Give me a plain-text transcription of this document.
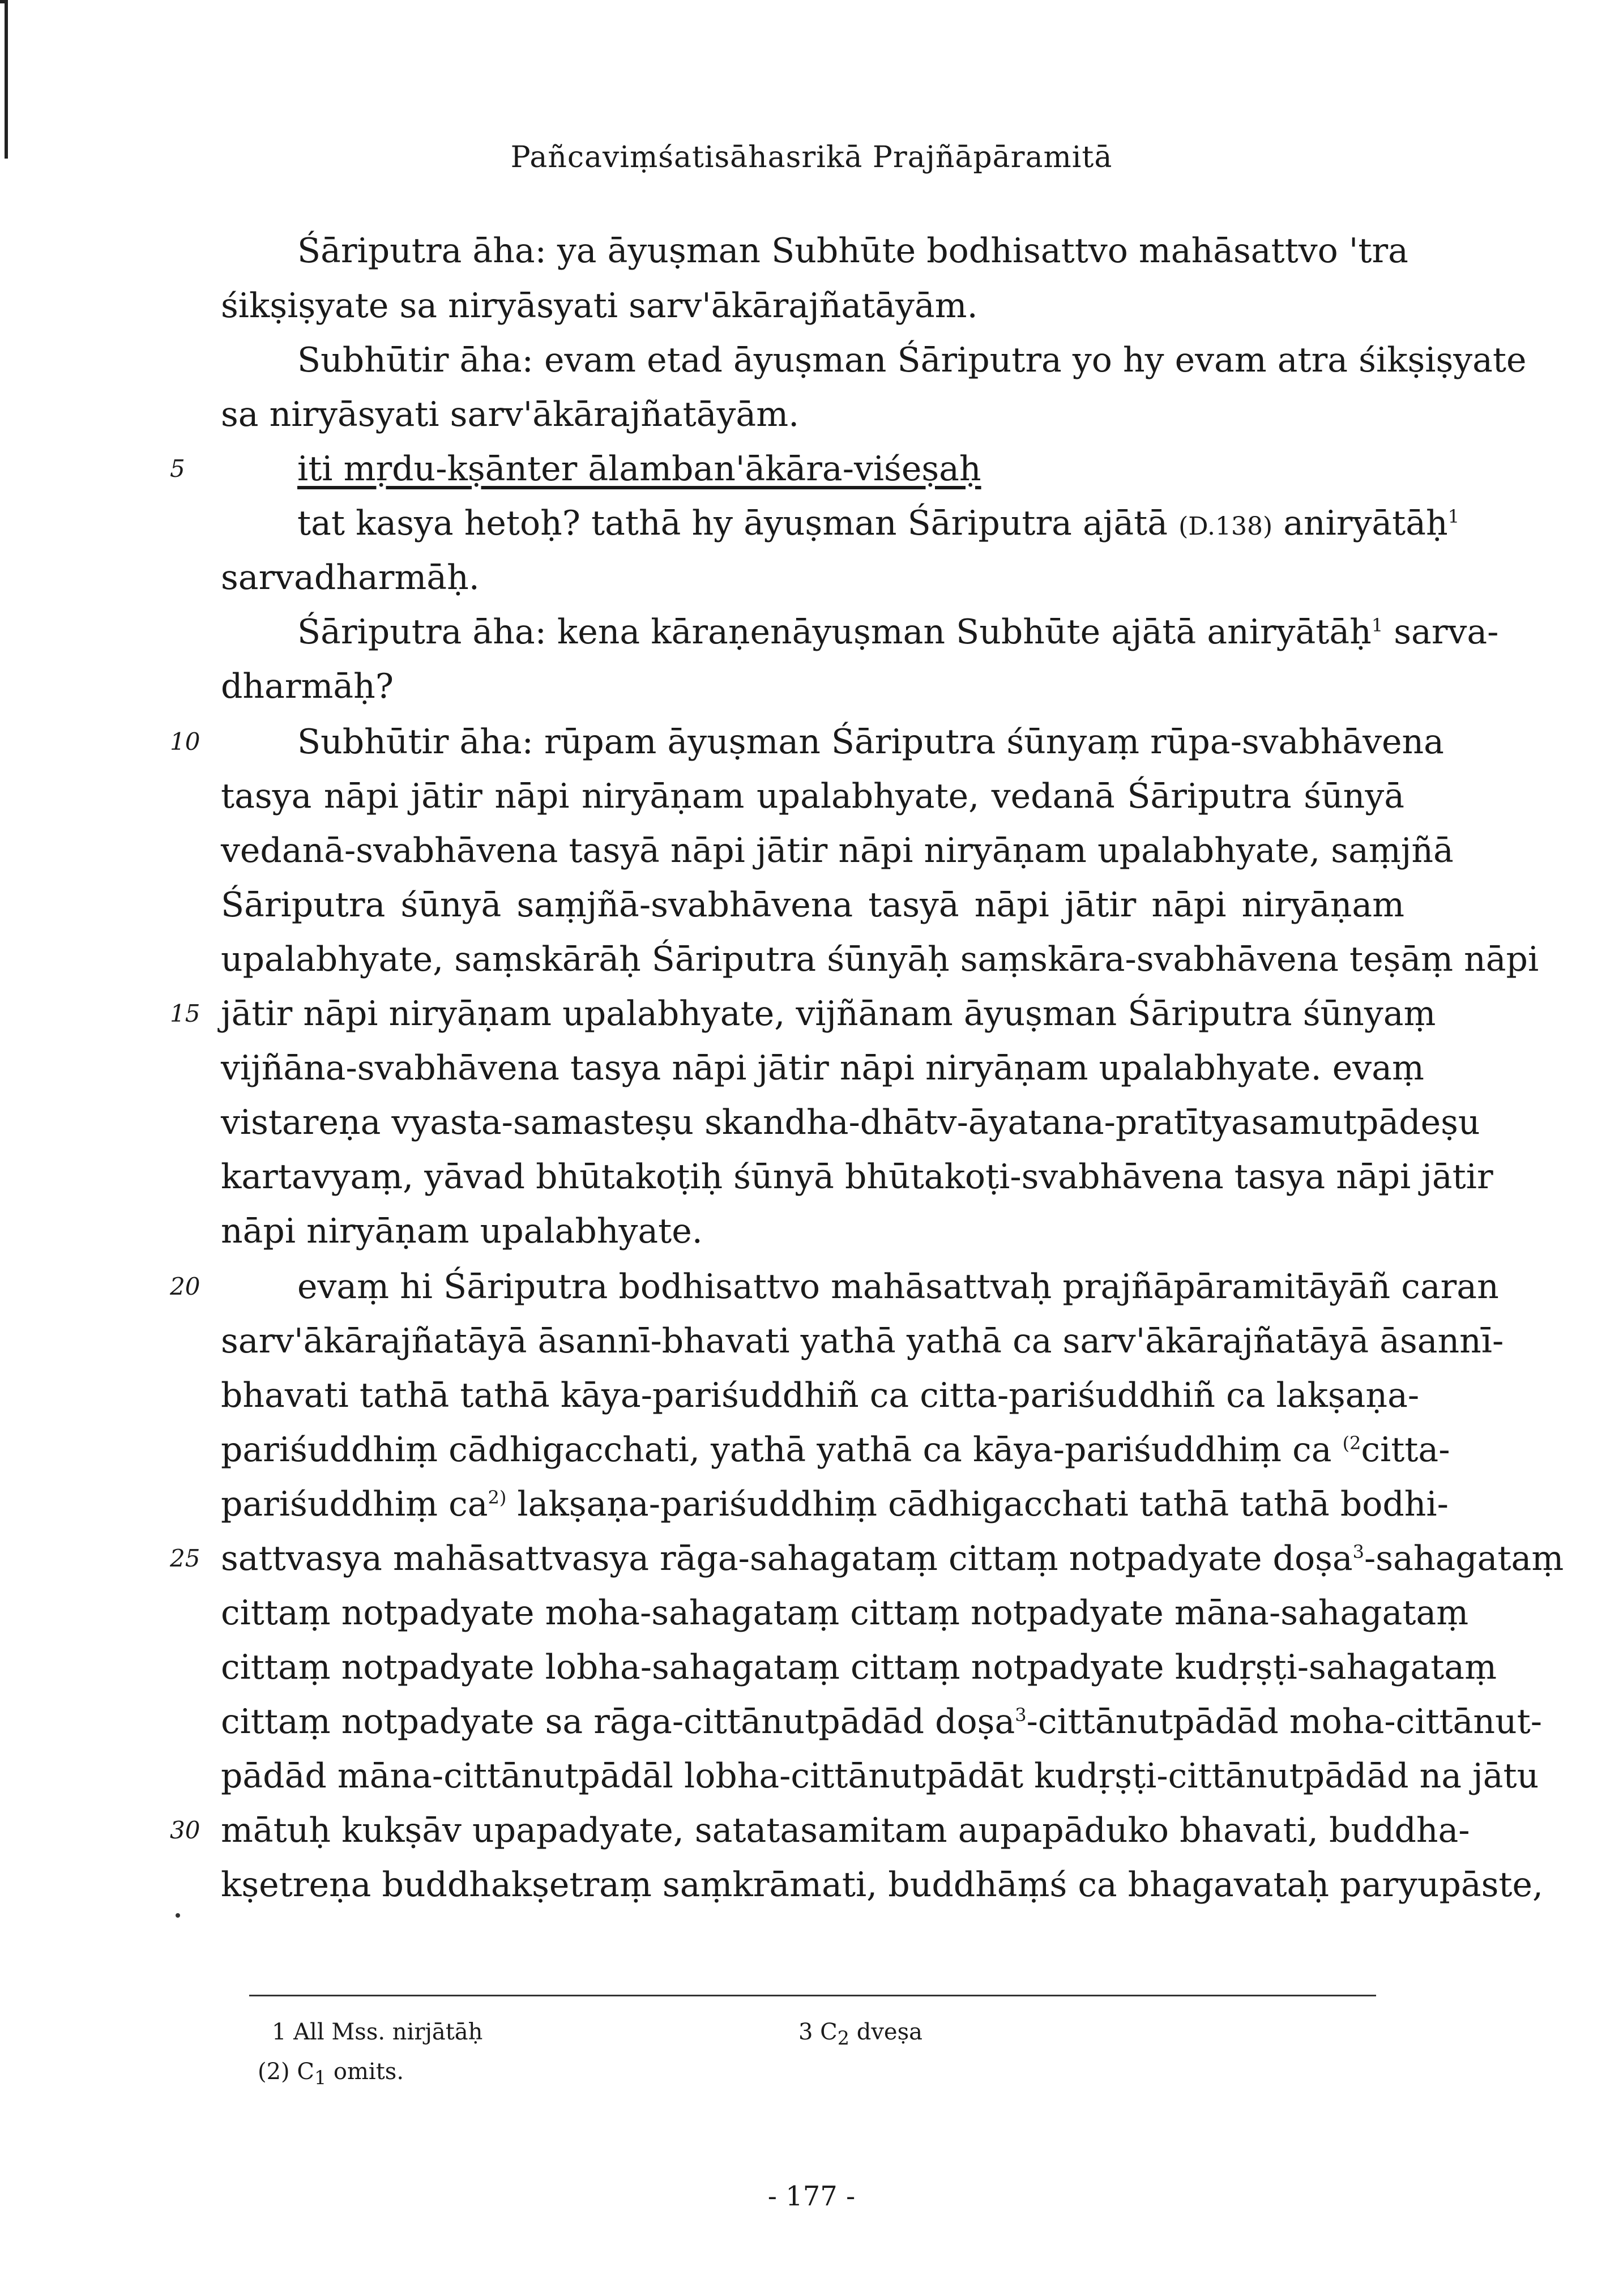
Pañcaviṃśatisāhasrikā Prajñāpāramitā
Śāriputra āha: ya āyuṣman Subhūte bodhisattvo mahāsattvo 'tra
śikṣiṣyate sa niryāsyati sarv'ākārajñatāyām.
Subhūtir āha: evam etad āyuṣman Śāriputra yo hy evam atra śikṣiṣyate
sa niryāsyati sarv'ākārajñatāyām.
5	iti mṛdu-kṣānter ālamban'ākāra-viśeṣaḥ
tat kasya hetoḥ? tathā hy āyuṣman Śāriputra ajātā (D.138) aniryātāḥ$^1$
sarvadharmāḥ.
Śāriputra āha: kena kāraṇenāyuṣman Subhūte ajātā aniryātāḥ$^1$ sarva-
dharmāḥ?
10	Subhūtir āha: rūpam āyuṣman Śāriputra śūnyaṃ rūpa-svabhāvena
tasya nāpi jātir nāpi niryāṇam upalabhyate, vedanā Śāriputra śūnyā
vedanā-svabhāvena tasyā nāpi jātir nāpi niryāṇam upalabhyate, saṃjñā
Śāriputra śūnyā saṃjñā-svabhāvena tasyā nāpi jātir nāpi niryāṇam
upalabhyate, saṃskārāḥ Śāriputra śūnyāḥ saṃskāra-svabhāvena teṣāṃ nāpi
15 jātir nāpi niryāṇam upalabhyate, vijñānam āyuṣman Śāriputra śūnyaṃ
vijñāna-svabhāvena tasya nāpi jātir nāpi niryāṇam upalabhyate. evaṃ
vistareṇa vyasta-samasteṣu skandha-dhātv-āyatana-pratītyasamutpādeṣu
kartavyaṃ, yāvad bhūtakoṭiḥ śūnyā bhūtakoṭi-svabhāvena tasya nāpi jātir
nāpi niryāṇam upalabhyate.
20	evaṃ hi Śāriputra bodhisattvo mahāsattvaḥ prajñāpāramitāyāñ caran
sarv'ākārajñatāyā āsannī-bhavati yathā yathā ca sarv'ākārajñatāyā āsannī-
bhavati tathā tathā kāya-pariśuddhiñ ca citta-pariśuddhiñ ca lakṣaṇa-
pariśuddhiṃ cādhigacchati, yathā yathā ca kāya-pariśuddhiṃ ca $^{(2}$citta-
pariśuddhiṃ $ca^{2)}$ lakṣaṇa-pariśuddhiṃ cādhigacchati tathā tathā bodhi-
25 sattvasya mahāsattvasya rāga-sahagataṃ cittaṃ notpadyate doṣa$^3$-sahagataṃ
cittaṃ notpadyate moha-sahagataṃ cittaṃ notpadyate māna-sahagataṃ
cittaṃ notpadyate lobha-sahagataṃ cittaṃ notpadyate kudṛṣṭi-sahagataṃ
cittaṃ notpadyate sa rāga-cittānutpādād doṣa$^3$-cittānutpādād moha-cittānut-
pādād māna-cittānutpādāl lobha-cittānutpādāt kudṛṣṭi-cittānutpādād na jātu
30 mātuḥ kukṣāv upapadyate, satatasamitam aupapāduko bhavati, buddha-
kṣetreṇa buddhakṣetraṃ saṃkrāmati, buddhāṃś ca bhagavataḥ paryupāste,
1 All Mss. nirjātāḥ	3 $C_2$ dveṣa
(2) $C_1$ omits.
- 177 -
